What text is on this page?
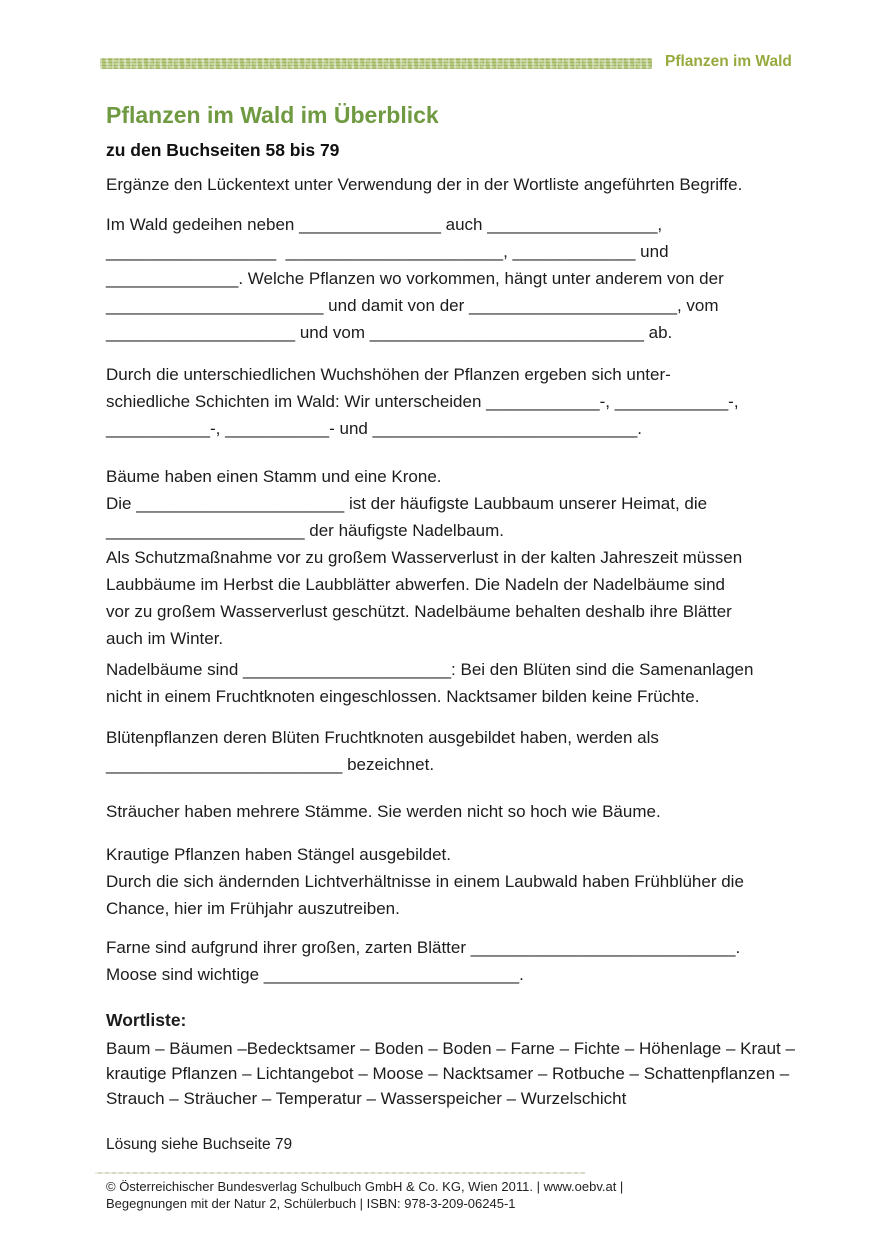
Pflanzen im Wald
Pflanzen im Wald im Überblick
zu den Buchseiten 58 bis 79
Ergänze den Lückentext unter Verwendung der in der Wortliste angeführten Begriffe.
Im Wald gedeihen neben _______________ auch __________________,
__________________  _______________________, _____________ und
______________. Welche Pflanzen wo vorkommen, hängt unter anderem von der
_______________________ und damit von der ______________________, vom
____________________ und vom _____________________________ ab.
Durch die unterschiedlichen Wuchshöhen der Pflanzen ergeben sich unter-
schiedliche Schichten im Wald: Wir unterscheiden ____________-, ____________-,
___________-, ___________- und ____________________________.
Bäume haben einen Stamm und eine Krone.
Die ______________________ ist der häufigste Laubbaum unserer Heimat, die
_____________________ der häufigste Nadelbaum.
Als Schutzmaßnahme vor zu großem Wasserverlust in der kalten Jahreszeit müssen
Laubbäume im Herbst die Laubblätter abwerfen. Die Nadeln der Nadelbäume sind
vor zu großem Wasserverlust geschützt. Nadelbäume behalten deshalb ihre Blätter
auch im Winter.
Nadelbäume sind ______________________: Bei den Blüten sind die Samenanlagen
nicht in einem Fruchtknoten eingeschlossen. Nacktsamer bilden keine Früchte.
Blütenpflanzen deren Blüten Fruchtknoten ausgebildet haben, werden als
_________________________ bezeichnet.
Sträucher haben mehrere Stämme. Sie werden nicht so hoch wie Bäume.
Krautige Pflanzen haben Stängel ausgebildet.
Durch die sich ändernden Lichtverhältnisse in einem Laubwald haben Frühblüher die
Chance, hier im Frühjahr auszutreiben.
Farne sind aufgrund ihrer großen, zarten Blätter ____________________________.
Moose sind wichtige ___________________________.
Wortliste:
Baum – Bäumen –Bedecktsamer – Boden – Boden – Farne – Fichte – Höhenlage – Kraut –
krautige Pflanzen – Lichtangebot – Moose – Nacktsamer – Rotbuche – Schattenpflanzen –
Strauch – Sträucher – Temperatur – Wasserspeicher – Wurzelschicht
Lösung siehe Buchseite 79
© Österreichischer Bundesverlag Schulbuch GmbH & Co. KG, Wien 2011. | www.oebv.at |
Begegnungen mit der Natur 2, Schülerbuch | ISBN: 978-3-209-06245-1
